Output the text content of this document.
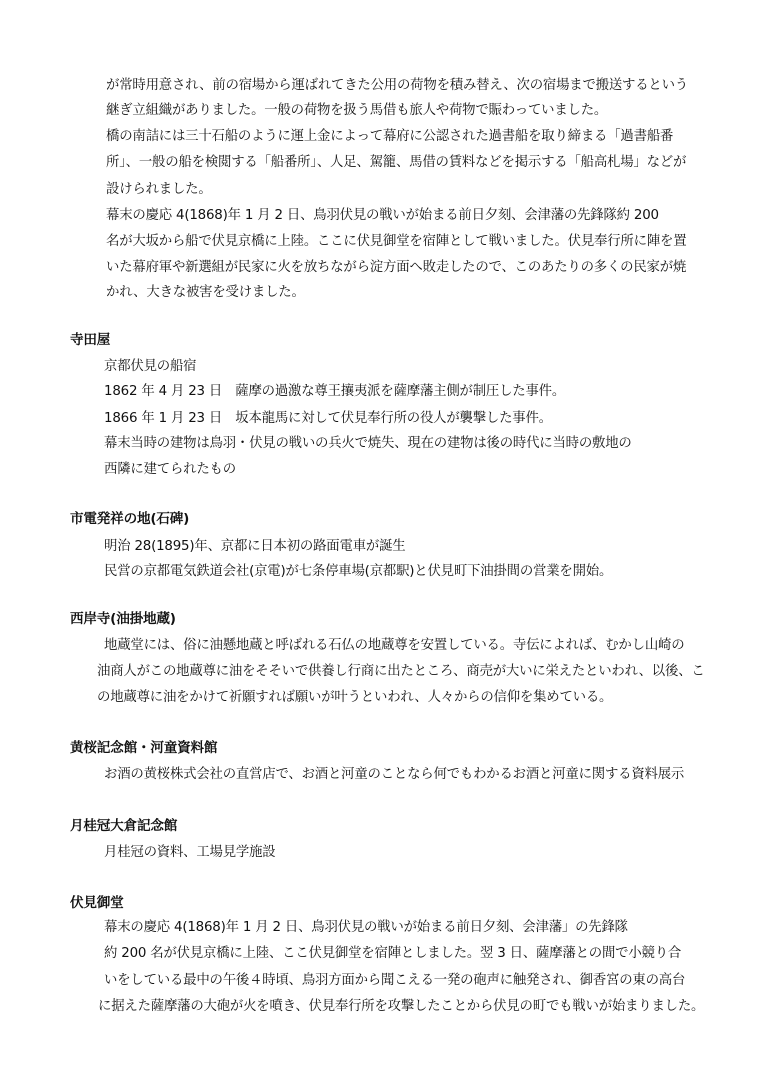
が常時用意され、前の宿場から運ばれてきた公用の荷物を積み替え、次の宿場まで搬送するという
継ぎ立組織がありました。一般の荷物を扱う馬借も旅人や荷物で賑わっていました。
橋の南詰には三十石船のように運上金によって幕府に公認された過書船を取り締まる「過書船番
所」、一般の船を検閲する「船番所」、人足、駕籠、馬借の賃料などを掲示する「船高札場」などが
設けられました。
幕末の慶応 4(1868)年 1 月 2 日、鳥羽伏見の戦いが始まる前日夕刻、会津藩の先鋒隊約 200
名が大坂から船で伏見京橋に上陸。ここに伏見御堂を宿陣として戦いました。伏見奉行所に陣を置
いた幕府軍や新選組が民家に火を放ちながら淀方面へ敗走したので、このあたりの多くの民家が焼
かれ、大きな被害を受けました。
寺田屋
京都伏見の船宿
1862 年 4 月 23 日　薩摩の過激な尊王攘夷派を薩摩藩主側が制圧した事件。
1866 年 1 月 23 日　坂本龍馬に対して伏見奉行所の役人が襲撃した事件。
幕末当時の建物は鳥羽・伏見の戦いの兵火で焼失、現在の建物は後の時代に当時の敷地の
西隣に建てられたもの
市電発祥の地(石碑)
明治 28(1895)年、京都に日本初の路面電車が誕生
民営の京都電気鉄道会社(京電)が七条停車場(京都駅)と伏見町下油掛間の営業を開始。
西岸寺(油掛地蔵)
地蔵堂には、俗に油懸地蔵と呼ばれる石仏の地蔵尊を安置している。寺伝によれば、むかし山崎の
油商人がこの地蔵尊に油をそそいで供養し行商に出たところ、商売が大いに栄えたといわれ、以後、こ
の地蔵尊に油をかけて祈願すれば願いが叶うといわれ、人々からの信仰を集めている。
黄桜記念館・河童資料館
お酒の黄桜株式会社の直営店で、お酒と河童のことなら何でもわかるお酒と河童に関する資料展示
月桂冠大倉記念館
月桂冠の資料、工場見学施設
伏見御堂
幕末の慶応 4(1868)年 1 月 2 日、鳥羽伏見の戦いが始まる前日夕刻、会津藩」の先鋒隊
約 200 名が伏見京橋に上陸、ここ伏見御堂を宿陣としました。翌 3 日、薩摩藩との間で小競り合
いをしている最中の午後４時頃、鳥羽方面から聞こえる一発の砲声に触発され、御香宮の東の高台
に据えた薩摩藩の大砲が火を噴き、伏見奉行所を攻撃したことから伏見の町でも戦いが始まりました。
